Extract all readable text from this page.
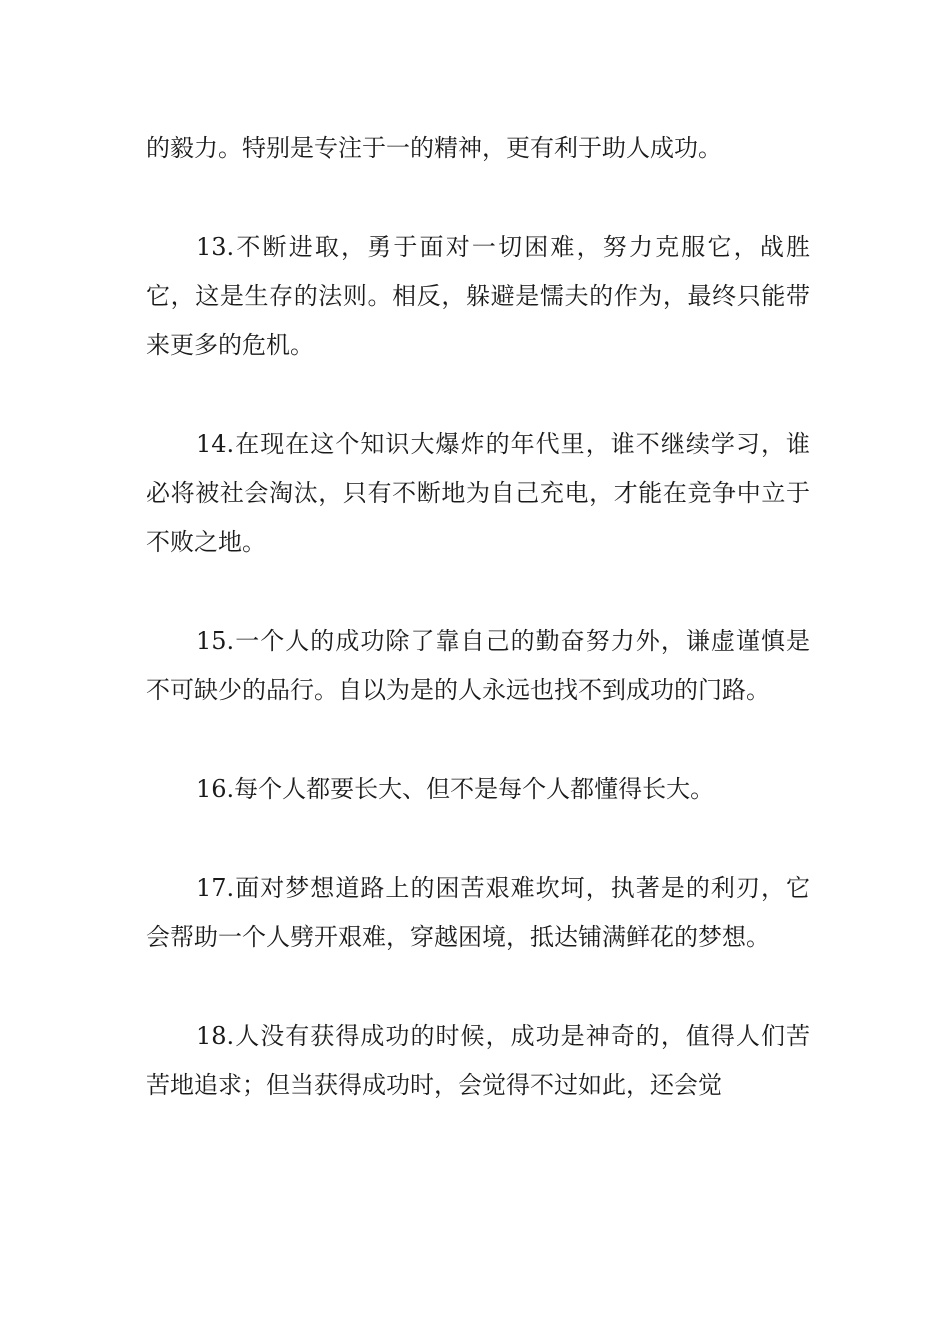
的毅力。特别是专注于一的精神，更有利于助人成功。

13.不断进取，勇于面对一切困难，努力克服它，战胜它，这是生存的法则。相反，躲避是懦夫的作为，最终只能带来更多的危机。

14.在现在这个知识大爆炸的年代里，谁不继续学习，谁必将被社会淘汰，只有不断地为自己充电，才能在竞争中立于不败之地。

15.一个人的成功除了靠自己的勤奋努力外，谦虚谨慎是不可缺少的品行。自以为是的人永远也找不到成功的门路。

16.每个人都要长大、但不是每个人都懂得长大。

17.面对梦想道路上的困苦艰难坎坷，执著是的利刃，它会帮助一个人劈开艰难，穿越困境，抵达铺满鲜花的梦想。

18.人没有获得成功的时候，成功是神奇的，值得人们苦苦地追求；但当获得成功时，会觉得不过如此，还会觉
